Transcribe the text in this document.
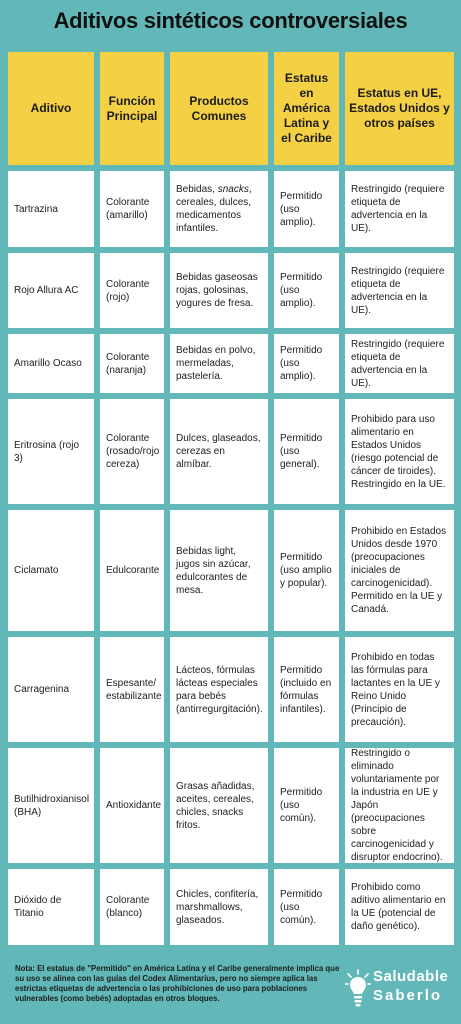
Aditivos sintéticos controversiales
Aditivo
Función Principal
Productos Comunes
Estatus en América Latina y el Caribe
Estatus en UE, Estados Unidos y otros países
Tartrazina
Colorante (amarillo)
Bebidas, snacks, cereales, dulces, medicamentos infantiles.
Permitido (uso amplio).
Restringido (requiere etiqueta de advertencia en la UE).
Rojo Allura AC
Colorante (rojo)
Bebidas gaseosas rojas, golosinas, yogures de fresa.
Permitido (uso amplio).
Restringido (requiere etiqueta de advertencia en la UE).
Amarillo Ocaso
Colorante (naranja)
Bebidas en polvo, mermeladas, pastelería.
Permitido (uso amplio).
Restringido (requiere etiqueta de advertencia en la UE).
Eritrosina (rojo 3)
Colorante (rosado/rojo cereza)
Dulces, glaseados, cerezas en almíbar.
Permitido (uso general).
Prohibido para uso alimentario en Estados Unidos (riesgo potencial de cáncer de tiroides). Restringido en la UE.
Ciclamato	Edulcorante
Bebidas light, jugos sin azúcar, edulcorantes de mesa.
Permitido (uso amplio y popular).
Prohibido en Estados Unidos desde 1970 (preocupaciones iniciales de carcinogenicidad). Permitido en la UE y Canadá.
Carragenina
Espesante/ estabilizante
Lácteos, fórmulas lácteas especiales para bebés (antirregurgitación).
Permitido (incluido en fórmulas infantiles).
Prohibido en todas las fórmulas para lactantes en la UE y Reino Unido (Principio de precaución).
Butilhidroxianisol (BHA)
Antioxidante
Grasas añadidas, aceites, cereales, chicles, snacks fritos.
Permitido (uso común).
Restringido o eliminado voluntariamente por la industria en UE y Japón (preocupaciones sobre carcinogenicidad y disruptor endocrino).
Dióxido de Titanio
Colorante (blanco)
Chicles, confitería, marshmallows, glaseados.
Permitido (uso común).
Prohibido como aditivo alimentario en la UE (potencial de daño genético).
Nota: El estatus de "Permitido" en América Latina y el Caribe generalmente implica que su uso se alinea con las guías del Codex Alimentarius, pero no siempre aplica las estrictas etiquetas de advertencia o las prohibiciones de uso para poblaciones vulnerables (como bebés) adoptadas en otros bloques.
Saludable
Saberlo
